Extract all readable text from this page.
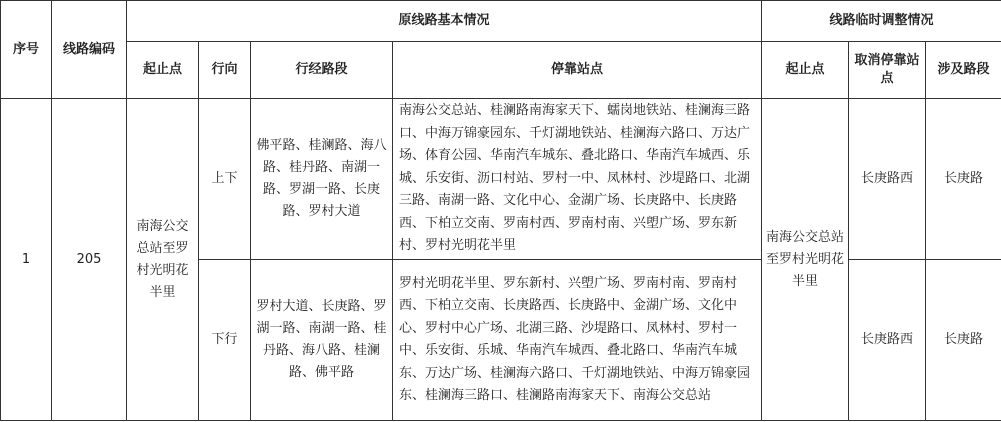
序号	线路编码	原线路基本情况				线路临时调整情况		
		起止点	行向	行经路段	停靠站点	起止点	取消停靠站点	涉及路段
1	205	南海公交总站至罗村光明花半里	上下	佛平路、桂澜路、海八路、桂丹路、南湖一路、罗湖一路、长庚路、罗村大道	南海公交总站、桂澜路南海家天下、蠕岗地铁站、桂澜海三路口、中海万锦豪园东、千灯湖地铁站、桂澜海六路口、万达广场、体育公园、华南汽车城东、叠北路口、华南汽车城西、乐城、乐安街、沥口村站、罗村一中、凤林村、沙堤路口、北湖三路、南湖一路、文化中心、金湖广场、长庚路中、长庚路西、下柏立交南、罗南村西、罗南村南、兴塱广场、罗东新村、罗村光明花半里	南海公交总站至罗村光明花半里	长庚路西	长庚路
			下行	罗村大道、长庚路、罗湖一路、南湖一路、桂丹路、海八路、桂澜路、佛平路	罗村光明花半里、罗东新村、兴塱广场、罗南村南、罗南村西、下柏立交南、长庚路西、长庚路中、金湖广场、文化中心、罗村中心广场、北湖三路、沙堤路口、凤林村、罗村一中、乐安街、乐城、华南汽车城西、叠北路口、华南汽车城东、万达广场、桂澜海六路口、千灯湖地铁站、中海万锦豪园东、桂澜海三路口、桂澜路南海家天下、南海公交总站		长庚路西	长庚路
